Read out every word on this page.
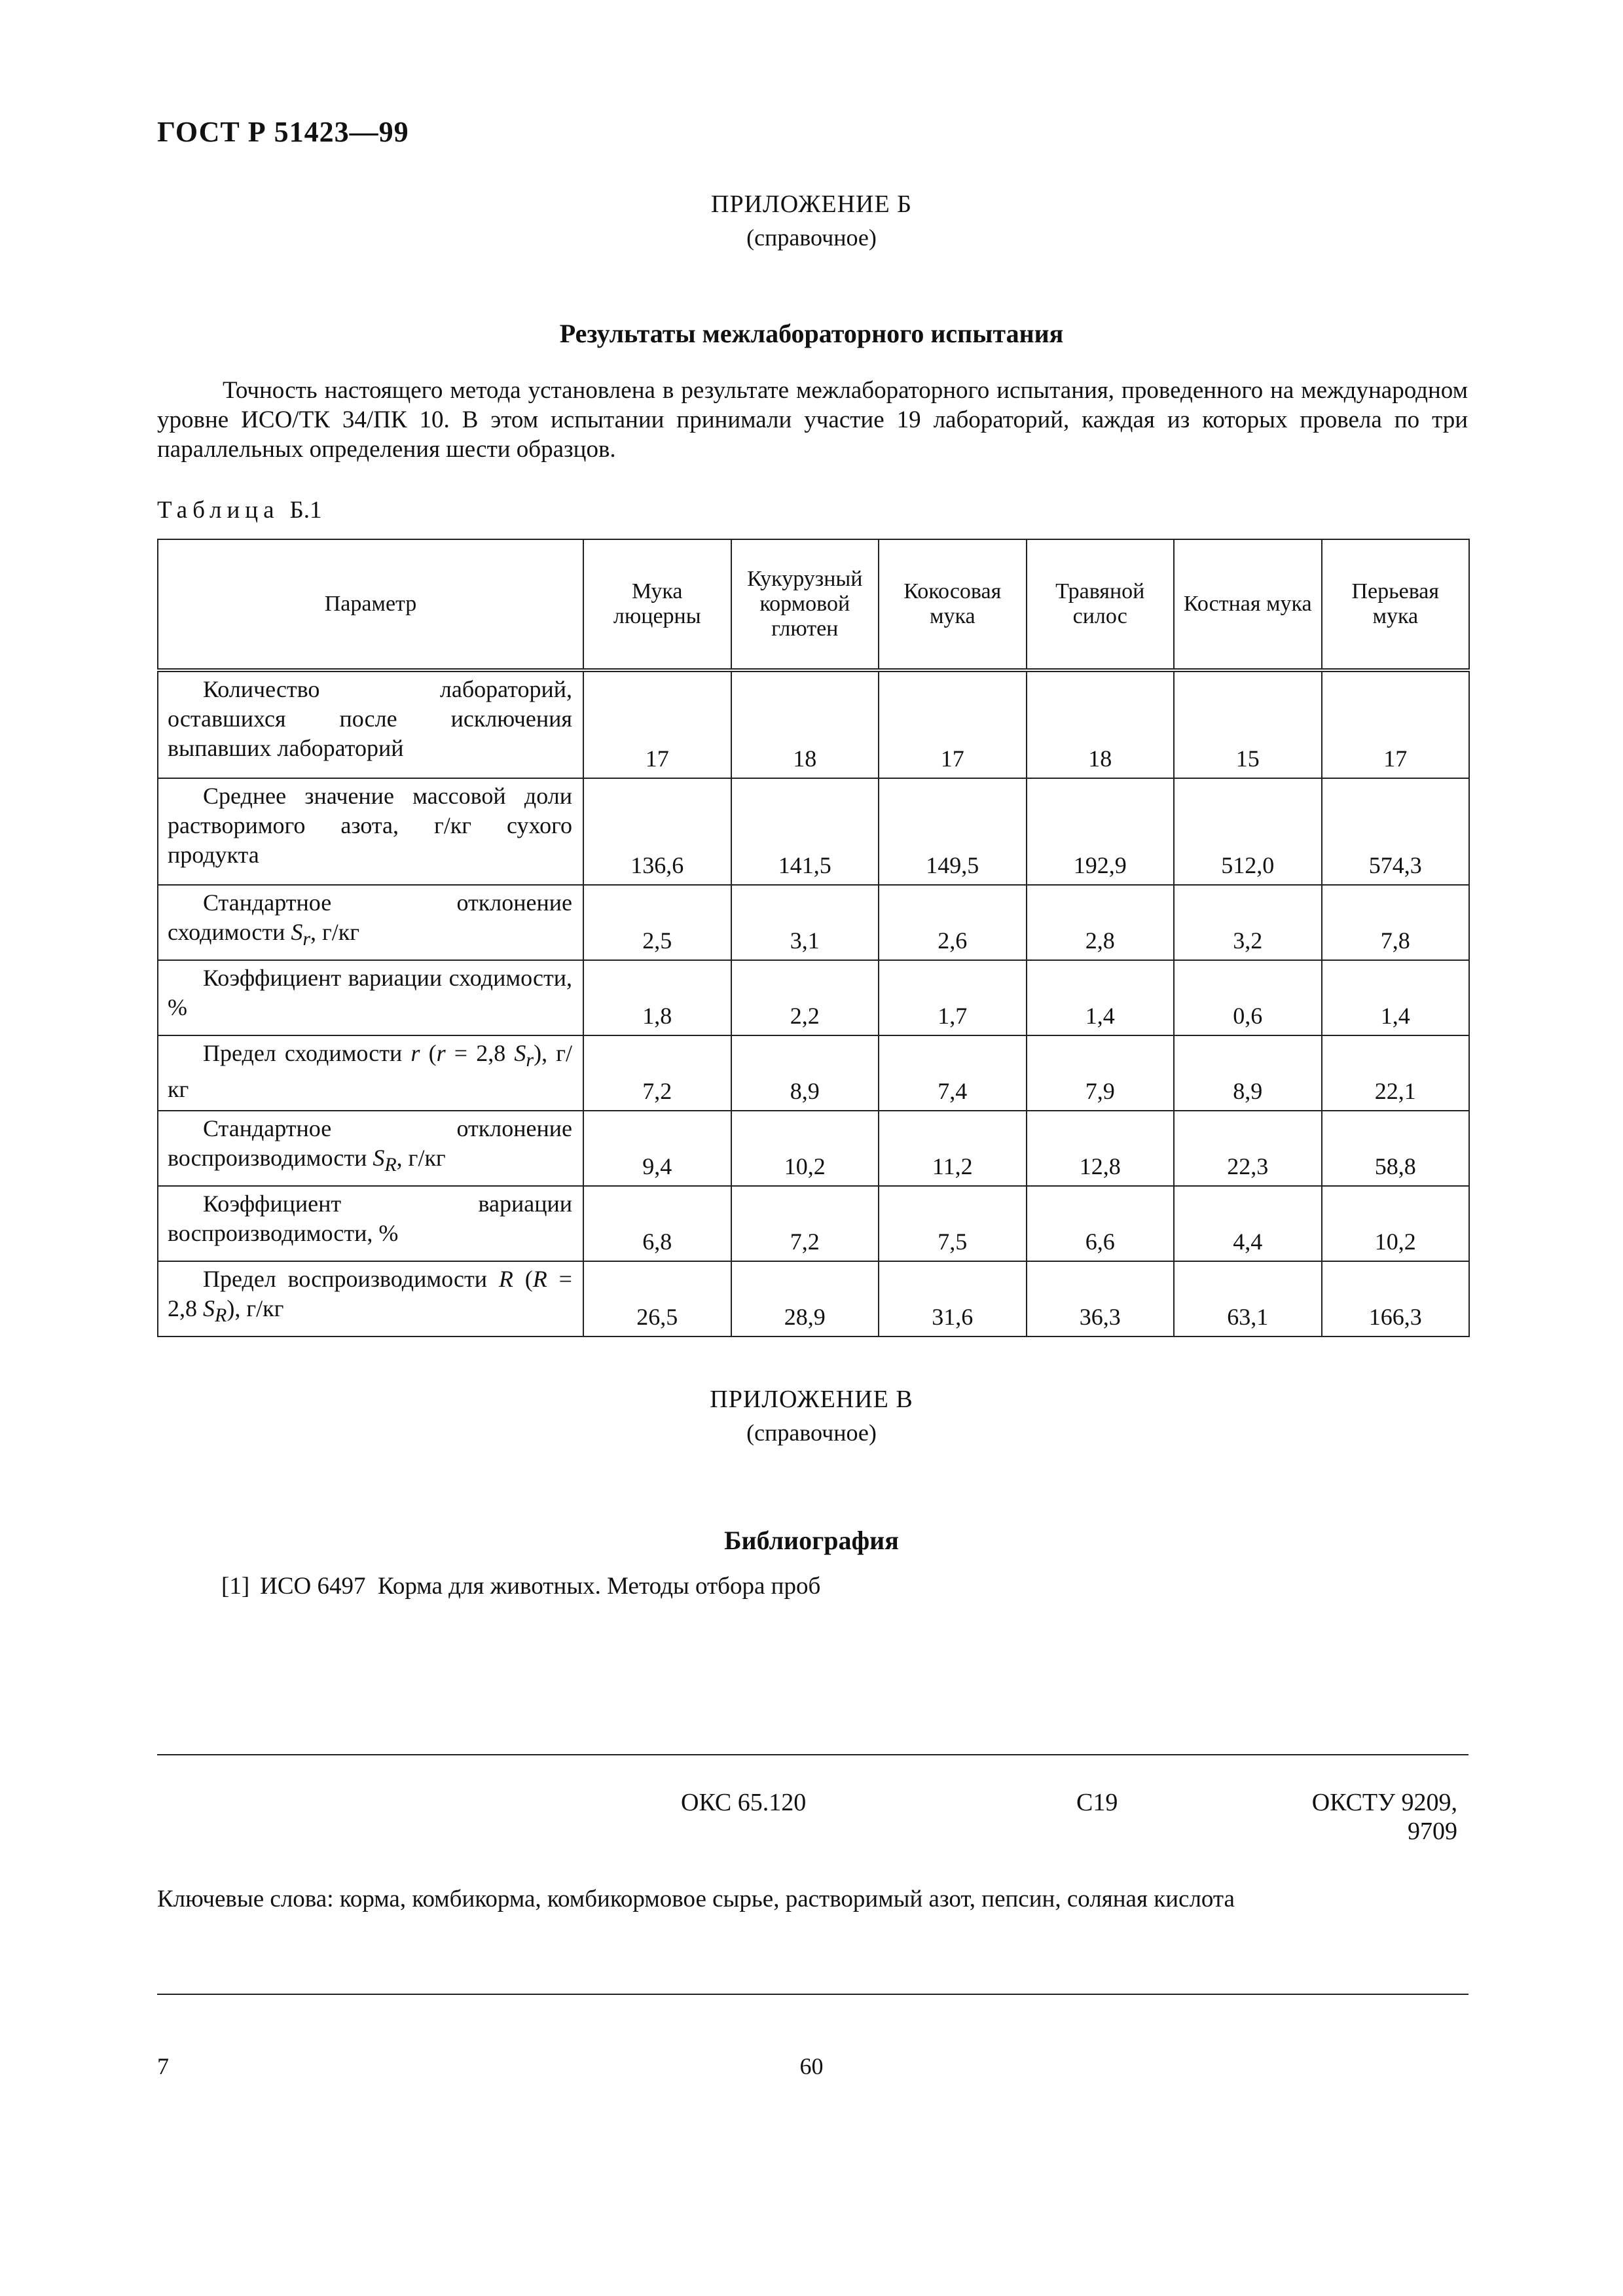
ГОСТ Р 51423—99
ПРИЛОЖЕНИЕ Б
(справочное)
Результаты межлабораторного испытания
Точность настоящего метода установлена в результате межлабораторного испытания, проведенного на международном уровне ИСО/ТК 34/ПК 10. В этом испытании принимали участие 19 лабораторий, каждая из которых провела по три параллельных определения шести образцов.
Таблица Б.1
Параметр	Мука люцерны	Кукурузный кормовой глютен	Кокосовая мука	Травяной силос	Костная мука	Перьевая мука
Количество лабораторий, оставшихся после исключения выпавших лабораторий	17	18	17	18	15	17
Среднее значение массовой доли растворимого азота, г/кг сухого продукта	136,6	141,5	149,5	192,9	512,0	574,3
Стандартное отклонение сходимости $S_r$, г/кг	2,5	3,1	2,6	2,8	3,2	7,8
Коэффициент вариации сходимости, %	1,8	2,2	1,7	1,4	0,6	1,4
Предел сходимости r (r = 2,8 $S_r$), г/кг	7,2	8,9	7,4	7,9	8,9	22,1
Стандартное отклонение воспроизводимости $S_R$, г/кг	9,4	10,2	11,2	12,8	22,3	58,8
Коэффициент вариации воспроизводимости, %	6,8	7,2	7,5	6,6	4,4	10,2
Предел воспроизводимости R (R = 2,8 $S_R$), г/кг	26,5	28,9	31,6	36,3	63,1	166,3
ПРИЛОЖЕНИЕ В
(справочное)
Библиография
[1] ИСО 6497  Корма для животных. Методы отбора проб
ОКС 65.120	С19	ОКСТУ 9209,
9709
Ключевые слова: корма, комбикорма, комбикормовое сырье, растворимый азот, пепсин, соляная кислота
7	60
